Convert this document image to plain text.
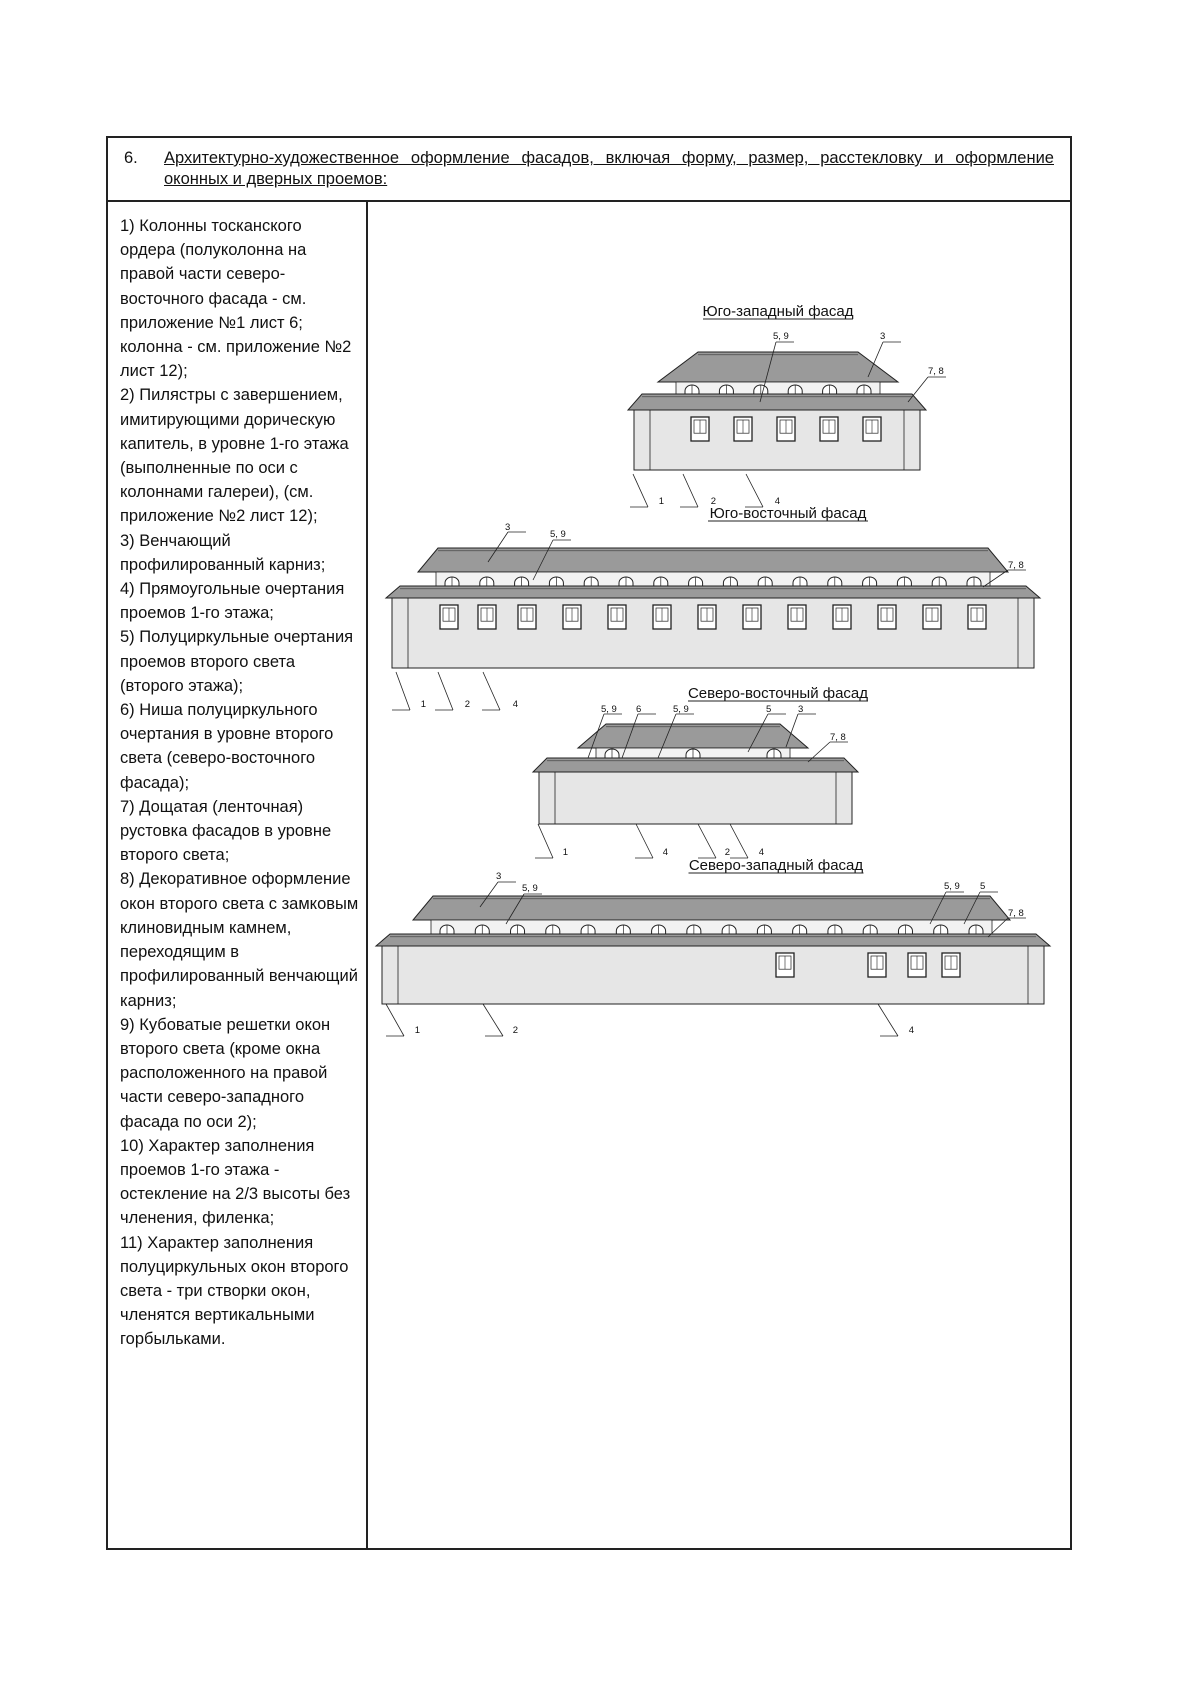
6. Архитектурно-художественное оформление фасадов, включая форму, размер, расстекловку и оформление оконных и дверных проемов:
1) Колонны тосканского ордера (полуколонна на правой части северо-восточного фасада - см. приложение №1 лист 6; колонна - см. приложение №2 лист 12);
2) Пилястры с завершением, имитирующими дорическую капитель, в уровне 1-го этажа (выполненные по оси с колоннами галереи), (см. приложение №2 лист 12);
3) Венчающий профилированный карниз;
4) Прямоугольные очертания проемов 1-го этажа;
5) Полуциркульные очертания проемов второго света (второго этажа);
6) Ниша полуциркульного очертания в уровне второго света (северо-восточного фасада);
7) Дощатая (ленточная) рустовка фасадов в уровне второго света;
8) Декоративное оформление окон второго света с замковым клиновидным камнем, переходящим в профилированный венчающий карниз;
9) Кубоватые решетки окон второго света (кроме окна расположенного на правой части северо-западного фасада по оси 2);
10) Характер заполнения проемов 1-го этажа - остекление на 2/3 высоты без членения, филенка;
11) Характер заполнения полуциркульных окон второго света - три створки окон, членятся вертикальными горбыльками.
Юго-западный фасад
5, 9	3
7, 8
1	2	4
Юго-восточный фасад
3
5, 9
7, 8
1	2	4
Северо-восточный фасад
5, 9 6	5, 9	5	3
7, 8
1	4	2	4
Северо-западный фасад
3
5, 9	5, 9 5
7, 8
1	2	4
